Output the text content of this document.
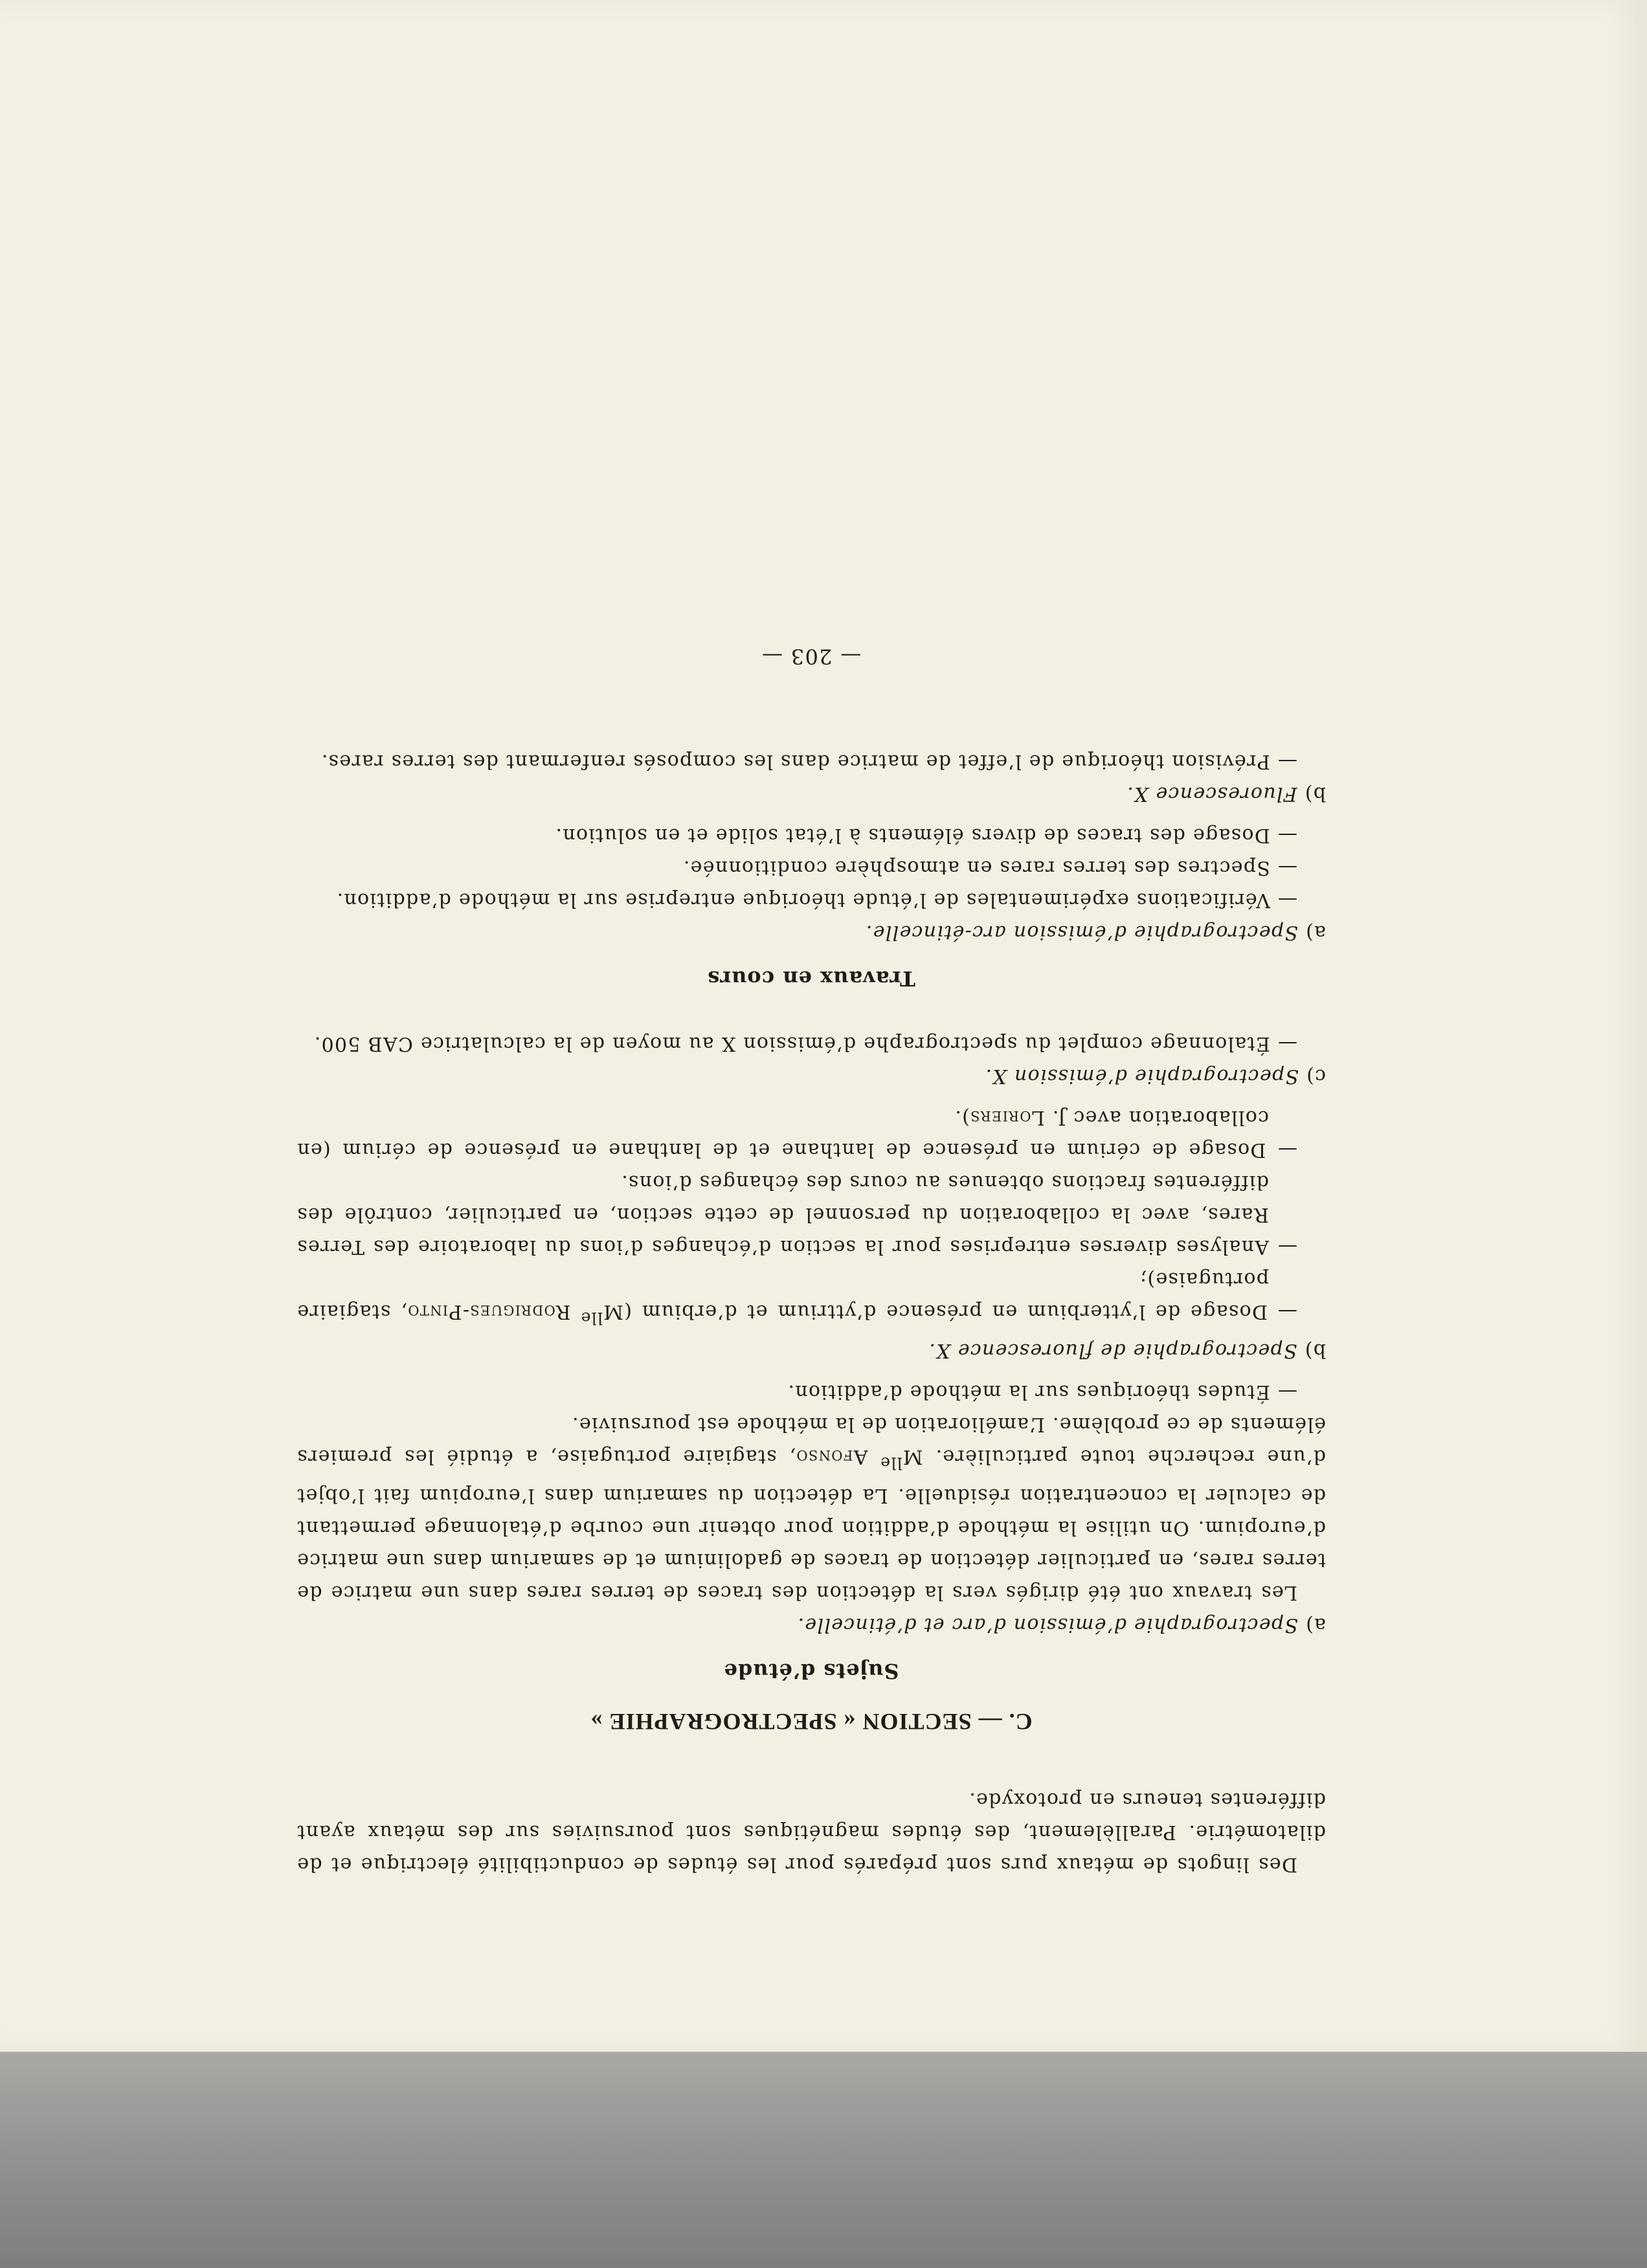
Des lingots de métaux purs sont préparés pour les études de conductibilité électrique et de dilatométrie. Parallèlement, des études magnétiques sont poursuivies sur des métaux ayant différentes teneurs en protoxyde.

C. — SECTION « SPECTROGRAPHIE »

Sujets d’étude

a) Spectrographie d’émission d’arc et d’étincelle.

Les travaux ont été dirigés vers la détection des traces de terres rares dans une matrice de terres rares, en particulier détection de traces de gadolinium et de samarium dans une matrice d’europium. On utilise la méthode d’addition pour obtenir une courbe d’étalonnage permettant de calculer la concentration résiduelle. La détection du samarium dans l’europium fait l’objet d’une recherche toute particulière. $M^{lle}$ Afonso, stagiaire portugaise, a étudié les premiers éléments de ce problème. L’amélioration de la méthode est poursuivie.

— Études théoriques sur la méthode d’addition.

b) Spectrographie de fluorescence X.

— Dosage de l’ytterbium en présence d’yttrium et d’erbium ($M^{lle}$ Rodrigues-Pinto, stagiaire portugaise);

— Analyses diverses entreprises pour la section d’échanges d’ions du laboratoire des Terres Rares, avec la collaboration du personnel de cette section, en particulier, contrôle des différentes fractions obtenues au cours des échanges d’ions.

— Dosage de cérium en présence de lanthane et de lanthane en présence de cérium (en collaboration avec J. Loriers).

c) Spectrographie d’émission X.

— Étalonnage complet du spectrographe d’émission X au moyen de la calculatrice CAB 500.

Travaux en cours

a) Spectrographie d’émission arc-étincelle.

— Vérifications expérimentales de l’étude théorique entreprise sur la méthode d’addition.

— Spectres des terres rares en atmosphère conditionnée.

— Dosage des traces de divers éléments à l’état solide et en solution.

b) Fluorescence X.

— Prévision théorique de l’effet de matrice dans les composés renfermant des terres rares.

— 203 —
